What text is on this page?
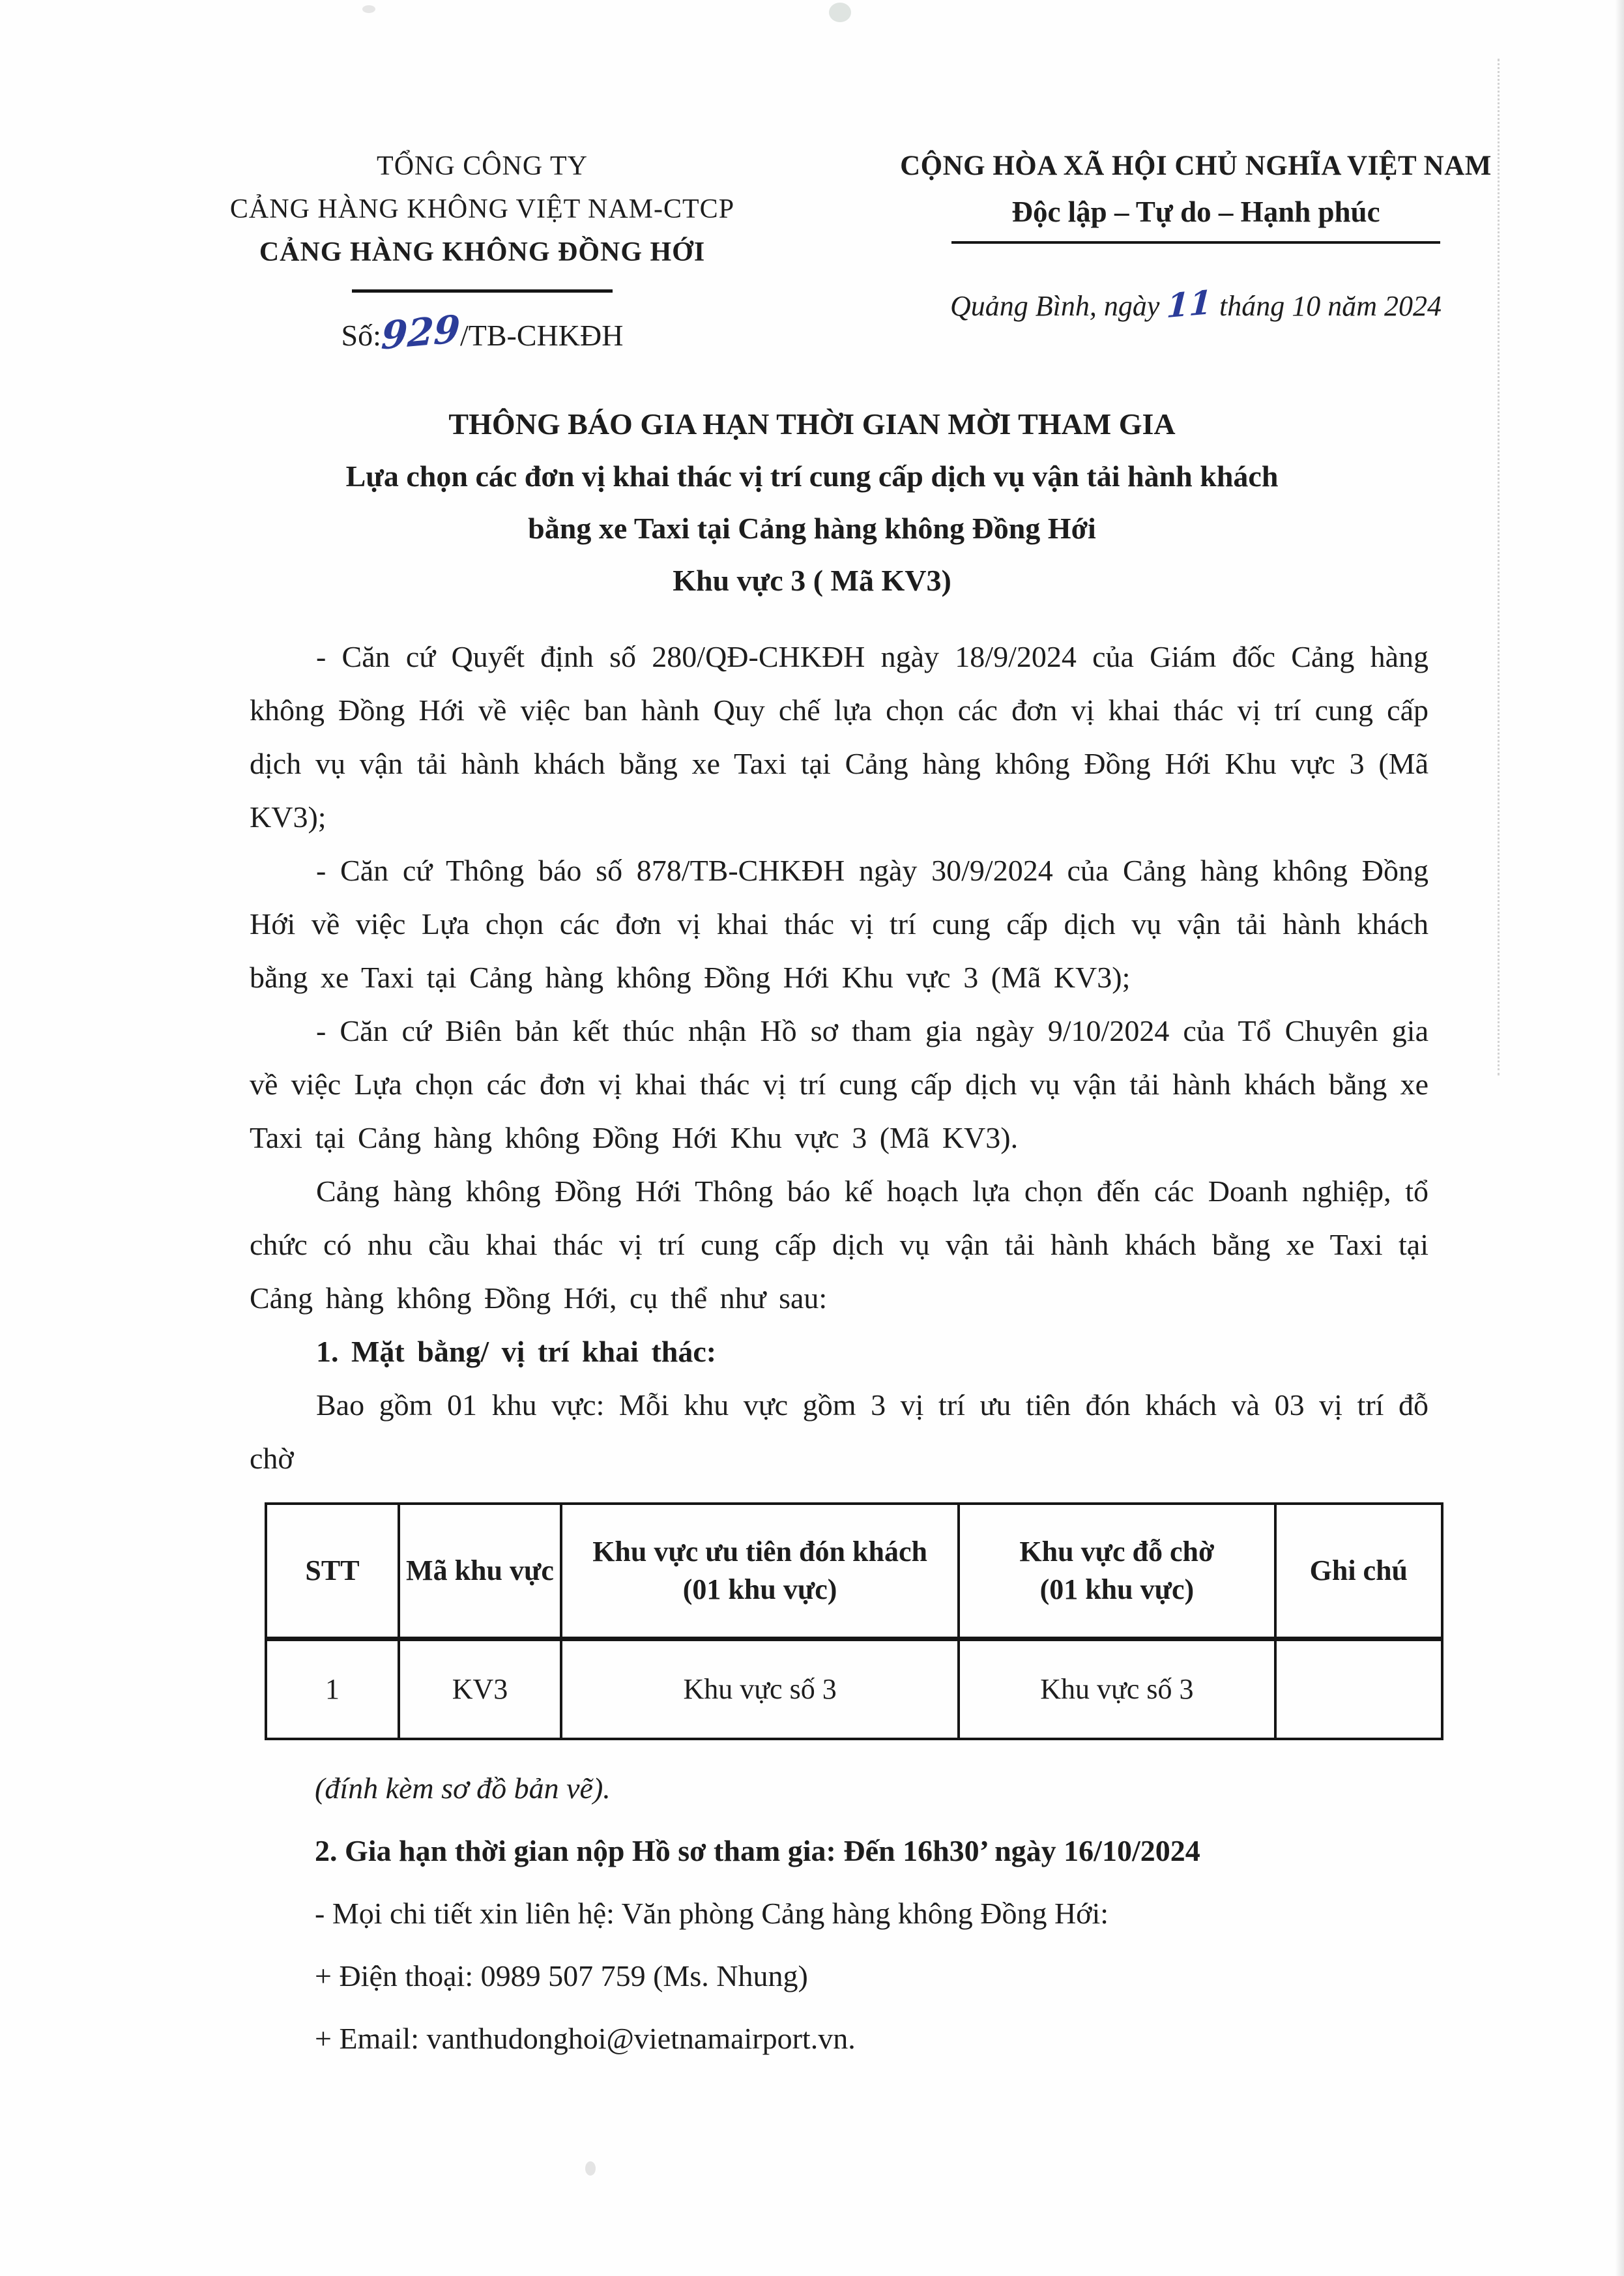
TỔNG CÔNG TY
CẢNG HÀNG KHÔNG VIỆT NAM-CTCP
CẢNG HÀNG KHÔNG ĐỒNG HỚI
Số:929/TB-CHKĐH
CỘNG HÒA XÃ HỘI CHỦ NGHĨA VIỆT NAM
Độc lập – Tự do – Hạnh phúc
Quảng Bình, ngày 11 tháng 10 năm 2024
THÔNG BÁO GIA HẠN THỜI GIAN MỜI THAM GIA
Lựa chọn các đơn vị khai thác vị trí cung cấp dịch vụ vận tải hành khách
bằng xe Taxi tại Cảng hàng không Đồng Hới
Khu vực 3 ( Mã KV3)

- Căn cứ Quyết định số 280/QĐ-CHKĐH ngày 18/9/2024 của Giám đốc Cảng hàng không Đồng Hới về việc ban hành Quy chế lựa chọn các đơn vị khai thác vị trí cung cấp dịch vụ vận tải hành khách bằng xe Taxi tại Cảng hàng không Đồng Hới Khu vực 3 (Mã KV3);

- Căn cứ Thông báo số 878/TB-CHKĐH ngày 30/9/2024 của Cảng hàng không Đồng Hới về việc Lựa chọn các đơn vị khai thác vị trí cung cấp dịch vụ vận tải hành khách bằng xe Taxi tại Cảng hàng không Đồng Hới Khu vực 3 (Mã KV3);

- Căn cứ Biên bản kết thúc nhận Hồ sơ tham gia ngày 9/10/2024 của Tổ Chuyên gia về việc Lựa chọn các đơn vị khai thác vị trí cung cấp dịch vụ vận tải hành khách bằng xe Taxi tại Cảng hàng không Đồng Hới Khu vực 3 (Mã KV3).

Cảng hàng không Đồng Hới Thông báo kế hoạch lựa chọn đến các Doanh nghiệp, tổ chức có nhu cầu khai thác vị trí cung cấp dịch vụ vận tải hành khách bằng xe Taxi tại Cảng hàng không Đồng Hới, cụ thể như sau:

1. Mặt bằng/ vị trí khai thác:

Bao gồm 01 khu vực: Mỗi khu vực gồm 3 vị trí ưu tiên đón khách và 03 vị trí đỗ chờ

STT	Mã khu vực	Khu vực ưu tiên đón khách
(01 khu vực)	Khu vực đỗ chờ
(01 khu vực)	Ghi chú
1	KV3	Khu vực số 3	Khu vực số 3	

(đính kèm sơ đồ bản vẽ).

2. Gia hạn thời gian nộp Hồ sơ tham gia: Đến 16h30’ ngày 16/10/2024

- Mọi chi tiết xin liên hệ: Văn phòng Cảng hàng không Đồng Hới:

+ Điện thoại: 0989 507 759 (Ms. Nhung)

+ Email: vanthudonghoi@vietnamairport.vn.
